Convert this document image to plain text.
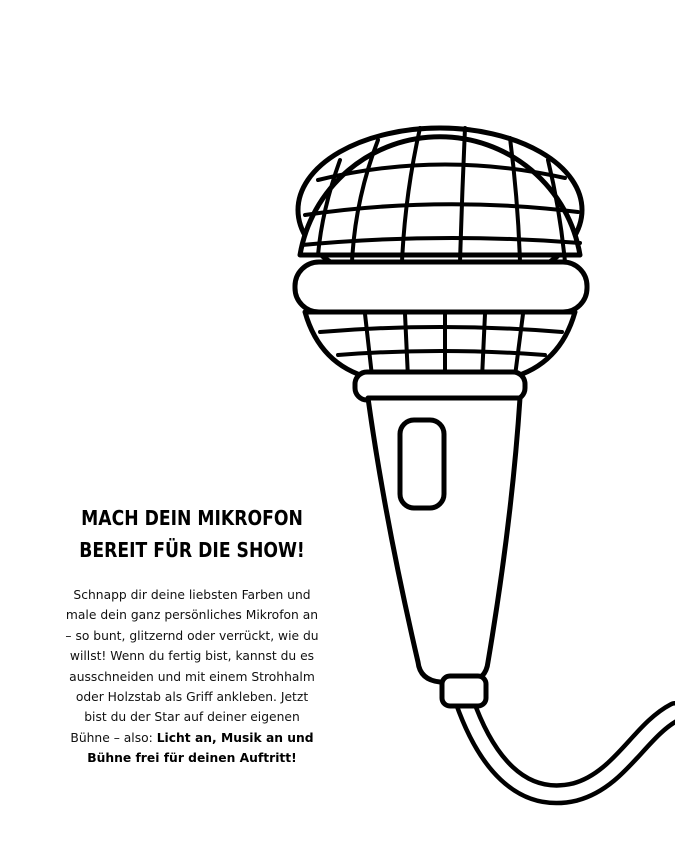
MACH DEIN MIKROFON
BEREIT FÜR DIE SHOW!
Schnapp dir deine liebsten Farben und male dein ganz persönliches Mikrofon an – so bunt, glitzernd oder verrückt, wie du willst! Wenn du fertig bist, kannst du es ausschneiden und mit einem Strohhalm oder Holzstab als Griff ankleben. Jetzt bist du der Star auf deiner eigenen Bühne – also: Licht an, Musik an und Bühne frei für deinen Auftritt!
